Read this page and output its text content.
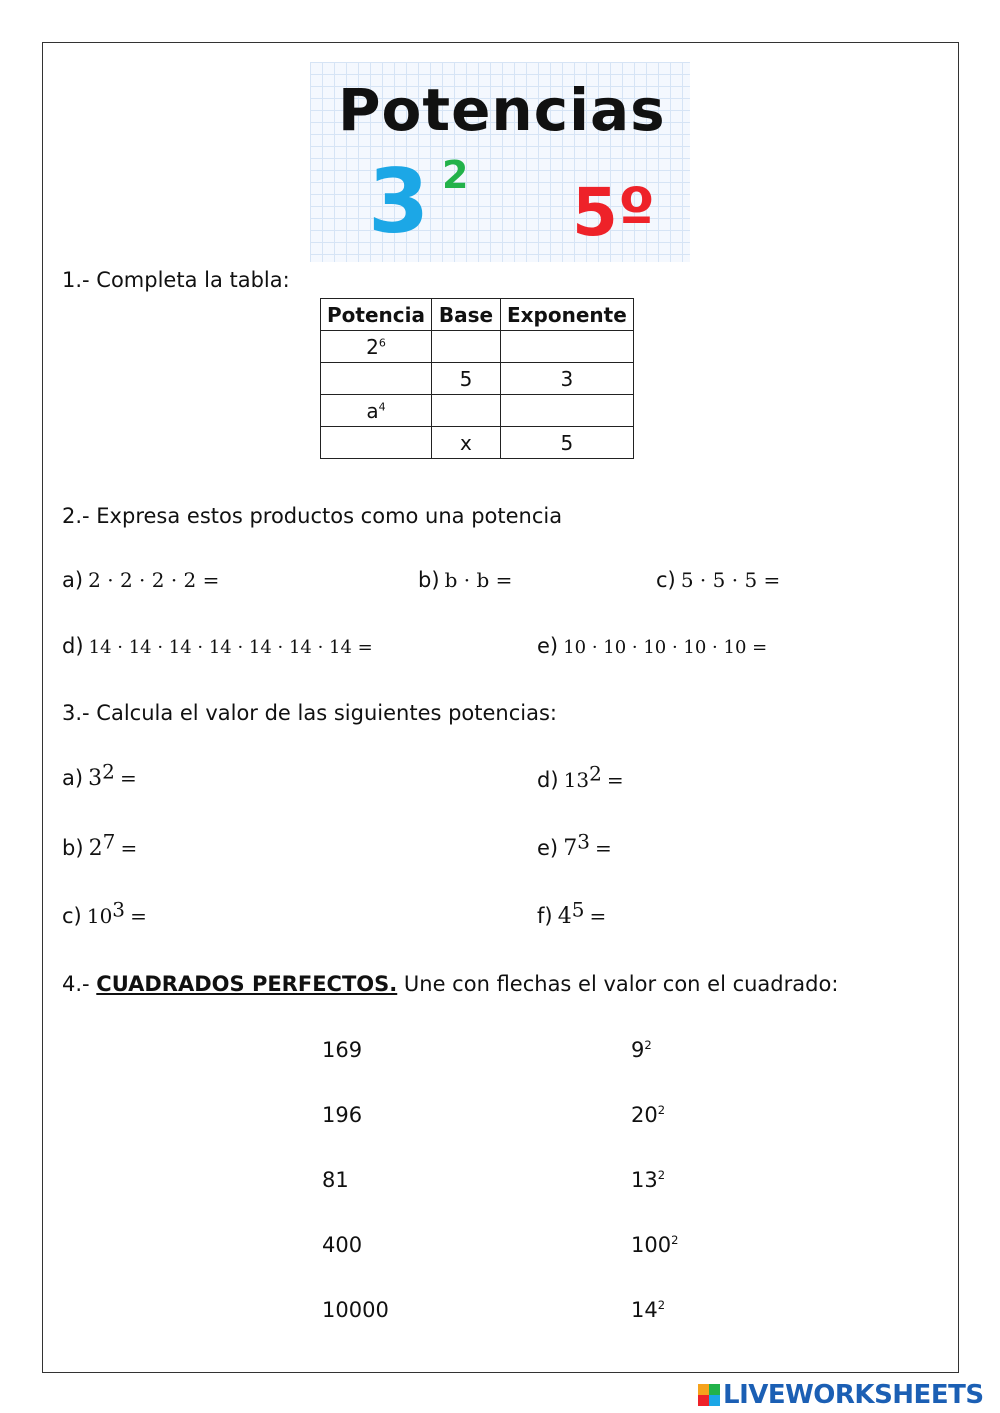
Potencias
3 2 5º
1.- Completa la tabla:
Potencia	Base	Exponente
$2^6$		
	5	3
$a^4$		
	x	5
2.- Expresa estos productos como una potencia
a) 2 · 2 · 2 · 2 =	b) b · b =	c) 5 · 5 · 5 =
d) 14 · 14 · 14 · 14 · 14 · 14 · 14 =	e) 10 · 10 · 10 · 10 · 10 =
3.- Calcula el valor de las siguientes potencias:
a) $3^2$ =
b) $2^7$ =
c) $10^3$ =
d) $13^2$ =
e) $7^3$ =
f) $4^5$ =
4.- CUADRADOS PERFECTOS. Une con flechas el valor con el cuadrado:
169
196
81
400
10000
$9^2$
$20^2$
$13^2$
$100^2$
$14^2$
LIVEWORKSHEETS
